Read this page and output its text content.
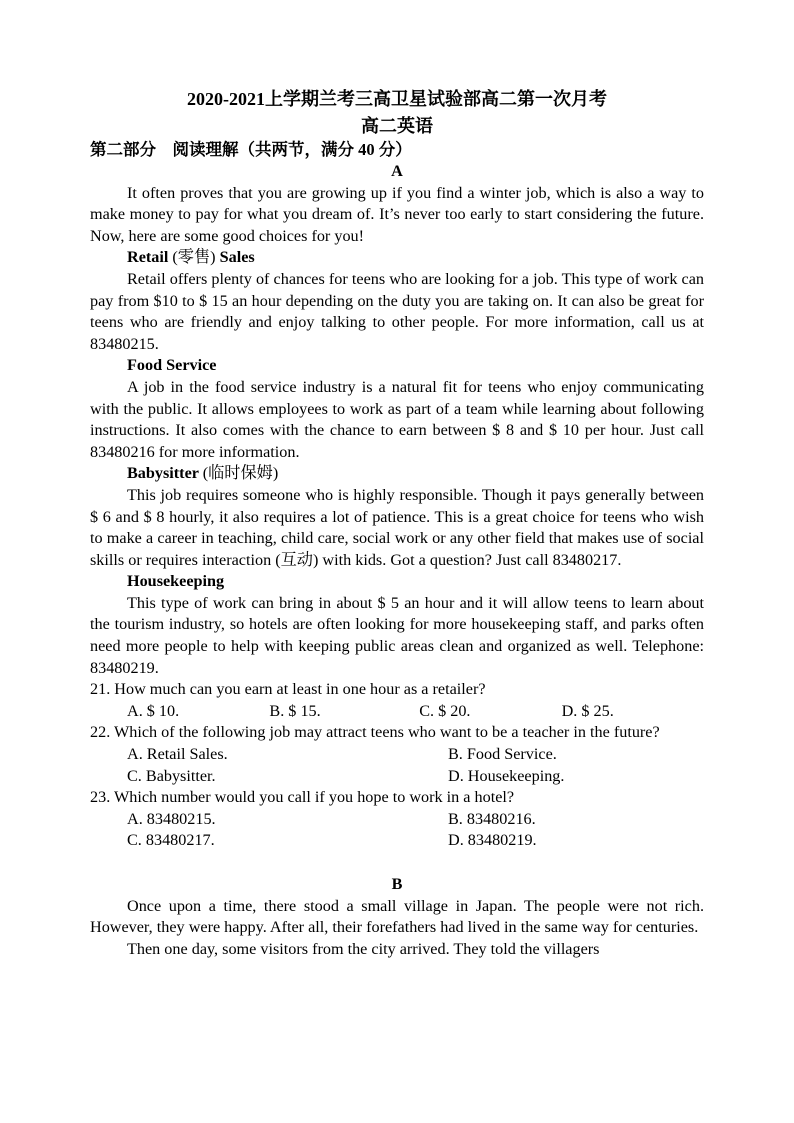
2020-2021上学期兰考三高卫星试验部高二第一次月考

高二英语

第二部分　阅读理解（共两节，满分 40 分）

A

It often proves that you are growing up if you find a winter job, which is also a way to make money to pay for what you dream of. It’s never too early to start considering the future. Now, here are some good choices for you!

Retail (零售) Sales

Retail offers plenty of chances for teens who are looking for a job. This type of work can pay from $10 to $ 15 an hour depending on the duty you are taking on. It can also be great for teens who are friendly and enjoy talking to other people. For more information, call us at 83480215.

Food Service

A job in the food service industry is a natural fit for teens who enjoy communicating with the public. It allows employees to work as part of a team while learning about following instructions. It also comes with the chance to earn between $ 8 and $ 10 per hour. Just call 83480216 for more information.

Babysitter (临时保姆)

This job requires someone who is highly responsible. Though it pays generally between $ 6 and $ 8 hourly, it also requires a lot of patience. This is a great choice for teens who wish to make a career in teaching, child care, social work or any other field that makes use of social skills or requires interaction (互动) with kids. Got a question? Just call 83480217.

Housekeeping

This type of work can bring in about $ 5 an hour and it will allow teens to learn about the tourism industry, so hotels are often looking for more housekeeping staff, and parks often need more people to help with keeping public areas clean and organized as well. Telephone: 83480219.

21. How much can you earn at least in one hour as a retailer?

A. $ 10.	B. $ 15.	C. $ 20.	D. $ 25.

22. Which of the following job may attract teens who want to be a teacher in the future?

A. Retail Sales.	B. Food Service.
C. Babysitter.	D. Housekeeping.

23. Which number would you call if you hope to work in a hotel?

A. 83480215.	B. 83480216.
C. 83480217.	D. 83480219.

B

Once upon a time, there stood a small village in Japan. The people were not rich. However, they were happy. After all, their forefathers had lived in the same way for centuries.

Then one day, some visitors from the city arrived. They told the villagers
